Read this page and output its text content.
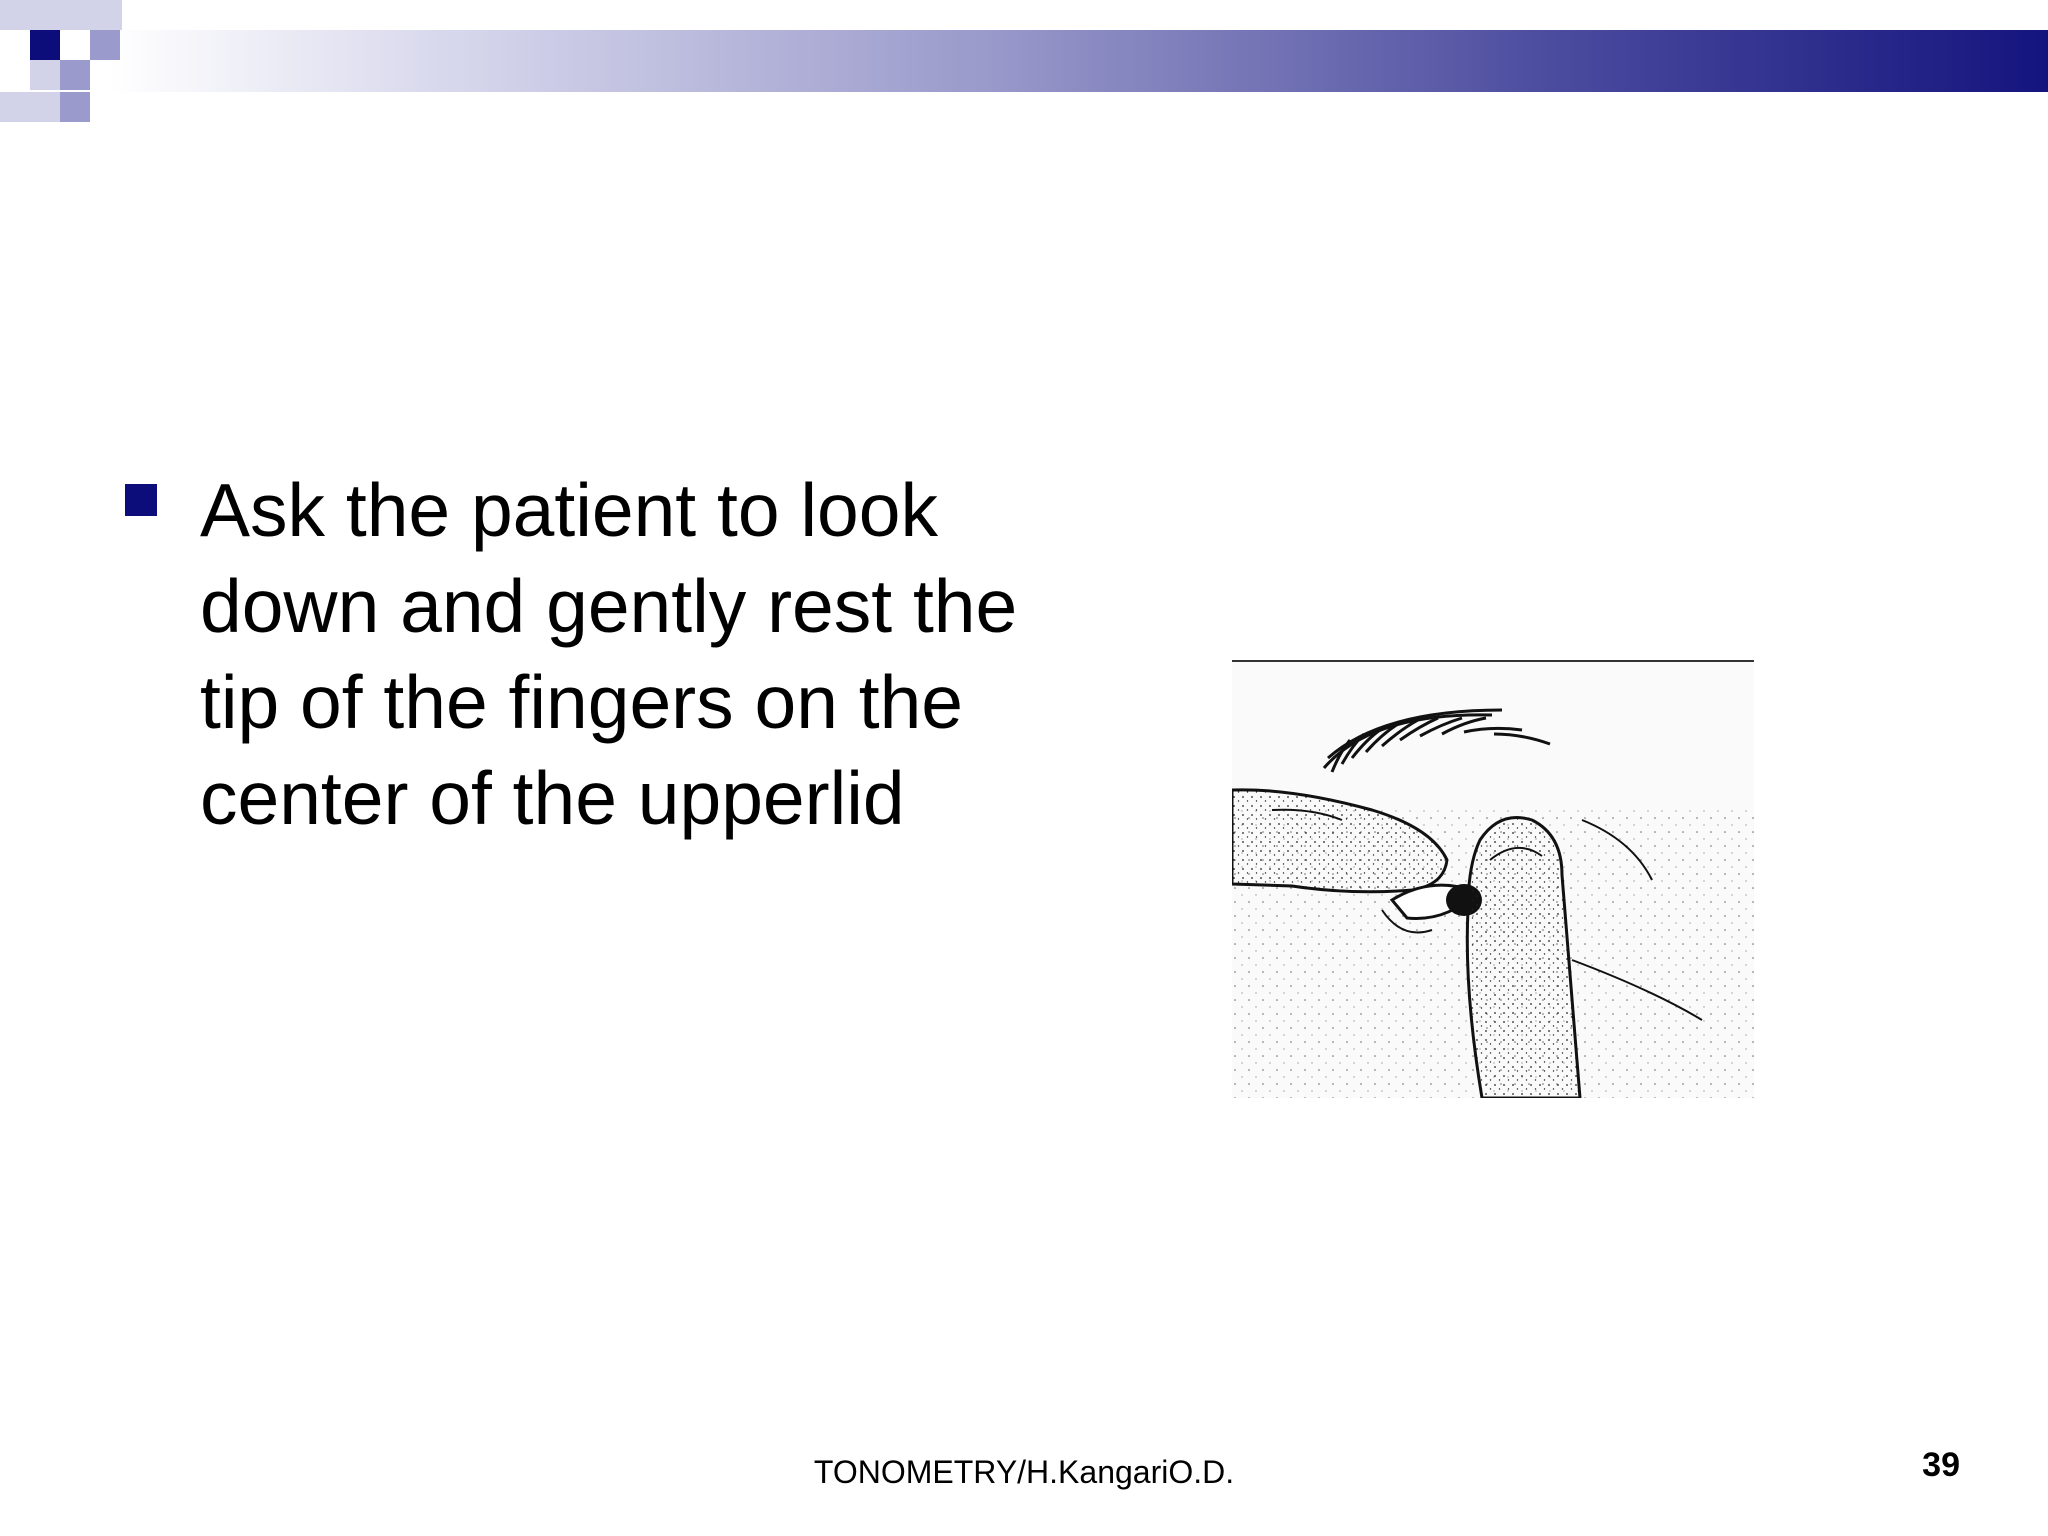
Ask the patient to look down and gently rest the tip of the fingers on the center of the upperlid
TONOMETRY/H.KangariO.D.	39
